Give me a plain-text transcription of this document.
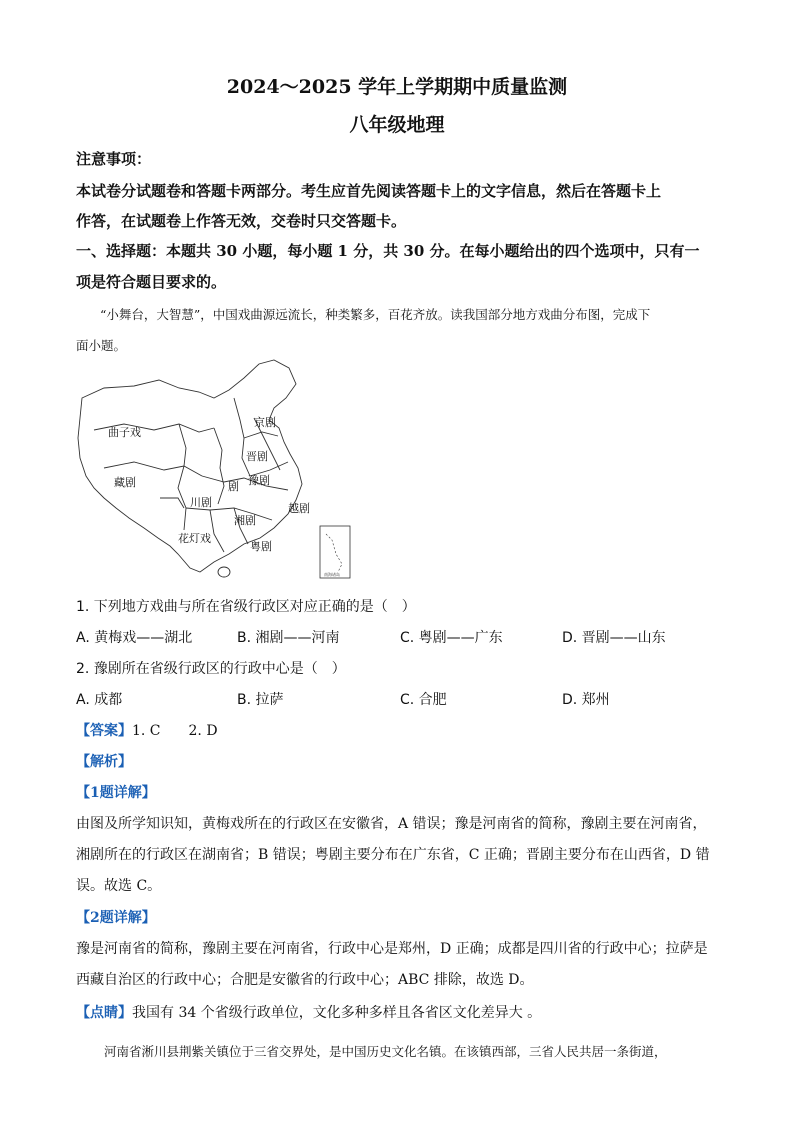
2024～2025 学年上学期期中质量监测
八年级地理
注意事项：
本试卷分试题卷和答题卡两部分。考生应首先阅读答题卡上的文字信息，然后在答题卡上
作答，在试题卷上作答无效，交卷时只交答题卡。
一、选择题：本题共 30 小题，每小题 1 分，共 30 分。在每小题给出的四个选项中，只有一
项是符合题目要求的。
“小舞台，大智慧”，中国戏曲源远流长，种类繁多，百花齐放。读我国部分地方戏曲分布图，完成下
面小题。
南海诸岛
曲子戏
京剧
晋剧
藏剧	豫剧
剧
川剧	越剧
湘剧
花灯戏
粤剧
1. 下列地方戏曲与所在省级行政区对应正确的是（　）
A. 黄梅戏——湖北	B. 湘剧——河南	C. 粤剧——广东	D. 晋剧——山东
2. 豫剧所在省级行政区的行政中心是（　）
A. 成都	B. 拉萨	C. 合肥	D. 郑州
【答案】1. C　　2. D
【解析】
【1题详解】
由图及所学知识知，黄梅戏所在的行政区在安徽省，A 错误；豫是河南省的简称，豫剧主要在河南省，
湘剧所在的行政区在湖南省；B 错误；粤剧主要分布在广东省，C 正确；晋剧主要分布在山西省，D 错
误。故选 C。
【2题详解】
豫是河南省的简称，豫剧主要在河南省，行政中心是郑州，D 正确；成都是四川省的行政中心；拉萨是
西藏自治区的行政中心；合肥是安徽省的行政中心；ABC 排除，故选 D。
【点睛】我国有 34 个省级行政单位，文化多种多样且各省区文化差异大 。
河南省淅川县荆紫关镇位于三省交界处，是中国历史文化名镇。在该镇西部，三省人民共居一条街道，
